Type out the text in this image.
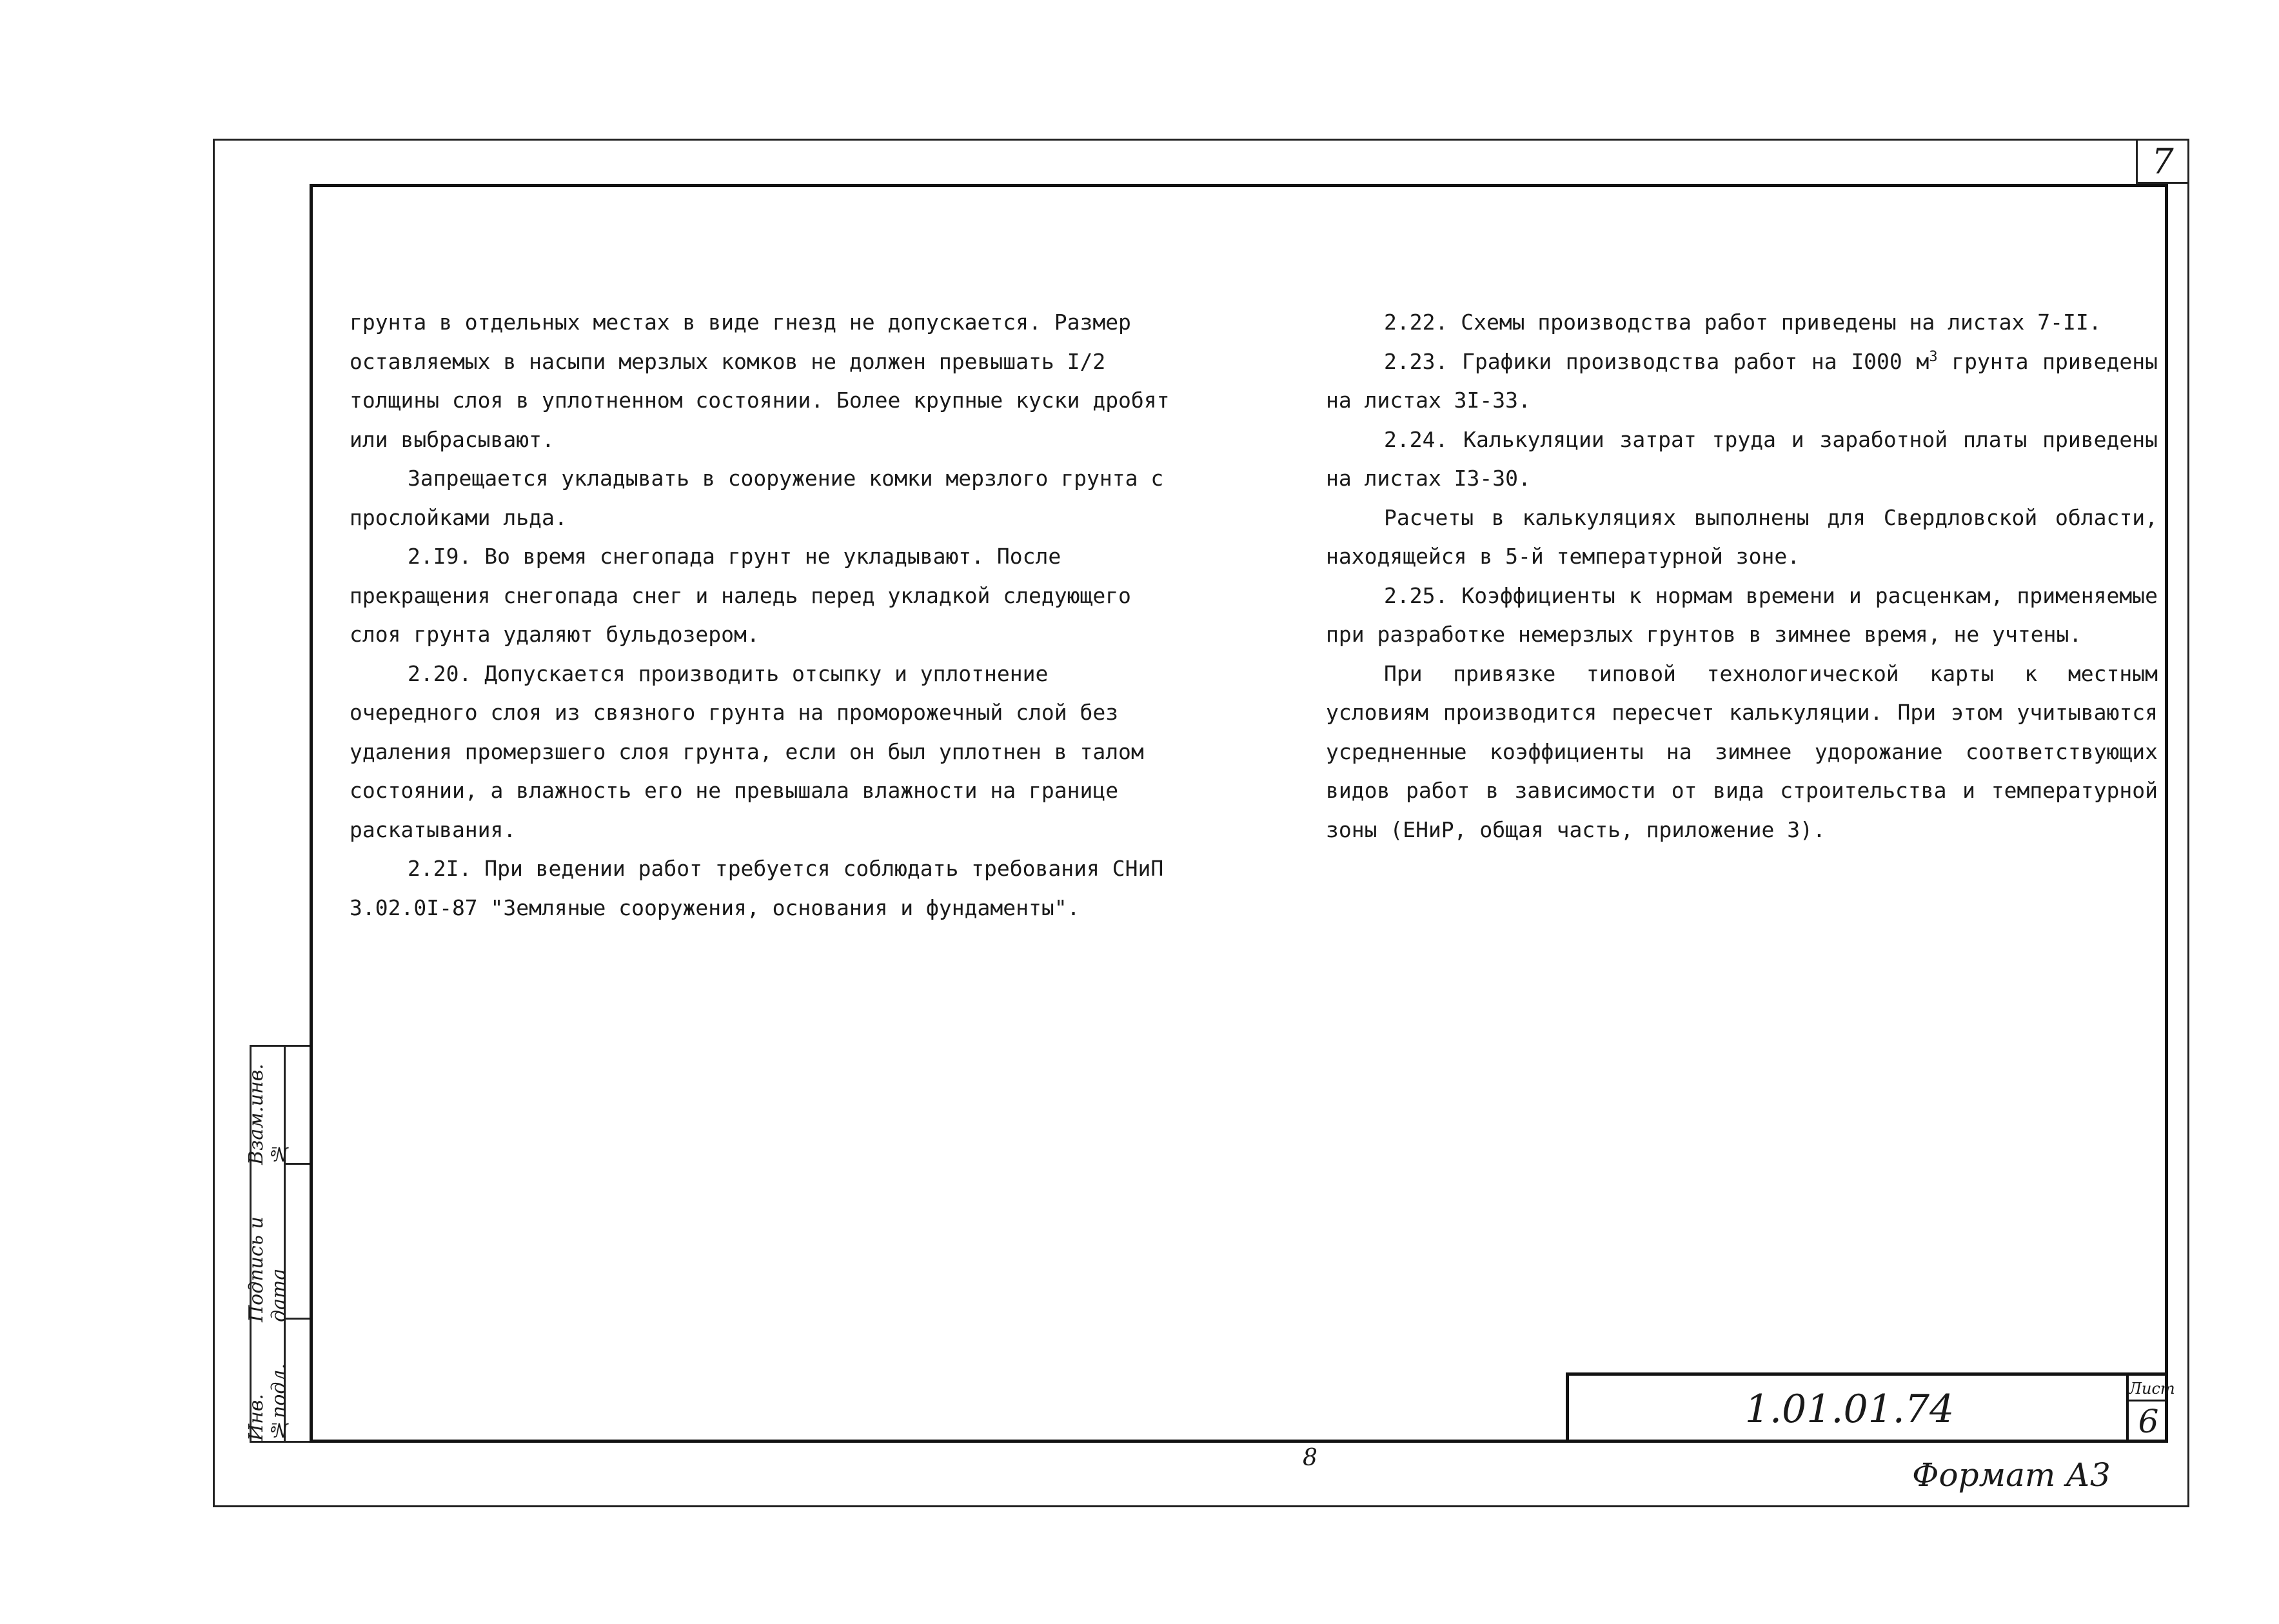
7

грунта в отдельных местах в виде гнезд не допускается. Размер оставляемых в насыпи мерзлых комков не должен превышать I/2 толщины слоя в уплотненном состоянии. Более крупные куски дробят или выбрасывают.

Запрещается укладывать в сооружение комки мерзлого грунта с прослойками льда.

2.I9. Во время снегопада грунт не укладывают. После прекращения снегопада снег и наледь перед укладкой следующего слоя грунта удаляют бульдозером.

2.20. Допускается производить отсыпку и уплотнение очередного слоя из связного грунта на проморожечный слой без удаления промерзшего слоя грунта, если он был уплотнен в талом состоянии, а влажность его не превышала влажности на границе раскатывания.

2.2I. При ведении работ требуется соблюдать требования СНиП 3.02.0I-87 "Земляные сооружения, основания и фундаменты".

2.22. Схемы производства работ приведены на листах 7-II.

2.23. Графики производства работ на I000 $м^3$ грунта приведены на листах 3I-33.

2.24. Калькуляции затрат труда и заработной платы приведены на листах I3-30.

Расчеты в калькуляциях выполнены для Свердловской области, находящейся в 5-й температурной зоне.

2.25. Коэффициенты к нормам времени и расценкам, применяемые при разработке немерзлых грунтов в зимнее время, не учтены.

При привязке типовой технологической карты к местным условиям производится пересчет калькуляции. При этом учитываются усредненные коэффициенты на зимнее удорожание соответствующих видов работ в зависимости от вида строительства и температурной зоны (ЕНиР, общая часть, приложение 3).

Инв.№подл.
Подпись и дата
Взам.инв.№
1.01.01.74	Лист
6
8	Формат А3
